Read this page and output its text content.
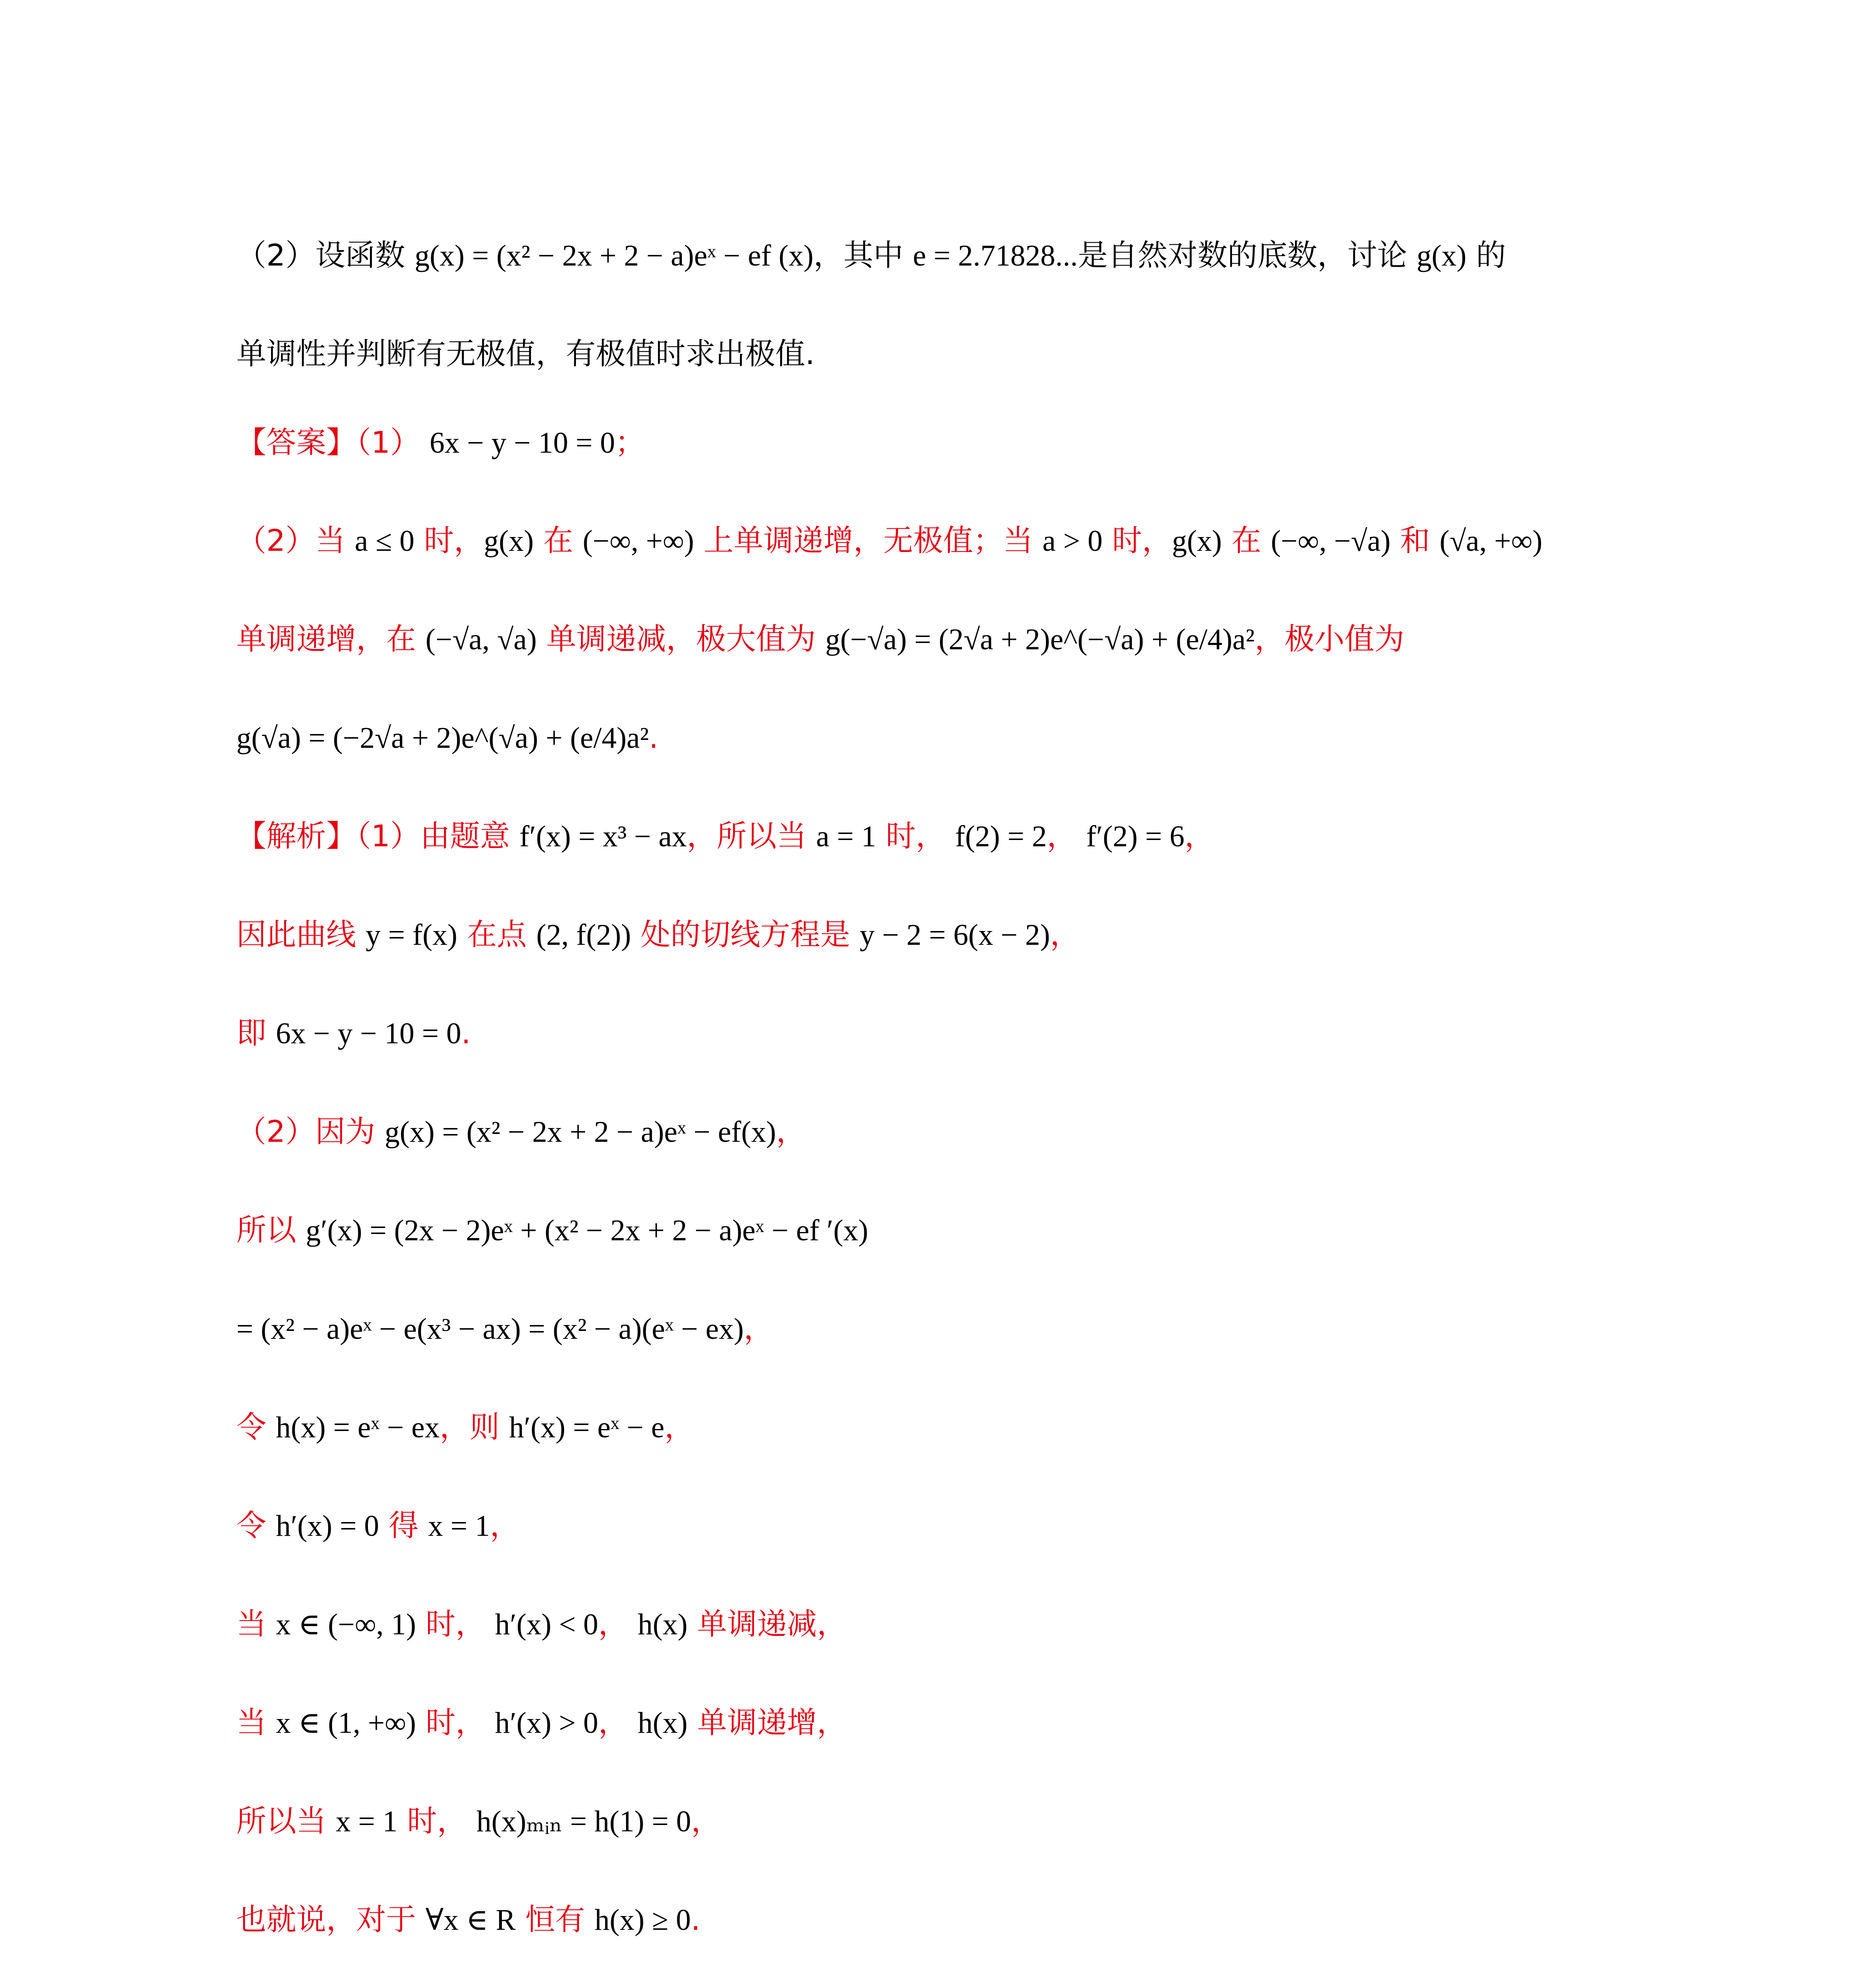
（2）设函数 g(x) = (x² − 2x + 2 − a)eˣ − ef (x)，其中 e = 2.71828...是自然对数的底数，讨论 g(x) 的
单调性并判断有无极值，有极值时求出极值.
【答案】（1） 6x − y − 10 = 0；
（2）当 a ≤ 0 时，g(x) 在 (−∞, +∞) 上单调递增，无极值；当 a > 0 时，g(x) 在 (−∞, −√a) 和 (√a, +∞)
单调递增，在 (−√a, √a) 单调递减，极大值为 g(−√a) = (2√a + 2)e^(−√a) + (e/4)a²，极小值为
g(√a) = (−2√a + 2)e^(√a) + (e/4)a².
【解析】（1）由题意 f′(x) = x³ − ax，所以当 a = 1 时， f(2) = 2， f′(2) = 6，
因此曲线 y = f(x) 在点 (2, f(2)) 处的切线方程是 y − 2 = 6(x − 2)，
即 6x − y − 10 = 0.
（2）因为 g(x) = (x² − 2x + 2 − a)eˣ − ef(x)，
所以 g′(x) = (2x − 2)eˣ + (x² − 2x + 2 − a)eˣ − ef ′(x)
= (x² − a)eˣ − e(x³ − ax) = (x² − a)(eˣ − ex)，
令 h(x) = eˣ − ex，则 h′(x) = eˣ − e，
令 h′(x) = 0 得 x = 1，
当 x ∈ (−∞, 1) 时， h′(x) < 0， h(x) 单调递减，
当 x ∈ (1, +∞) 时， h′(x) > 0， h(x) 单调递增，
所以当 x = 1 时， h(x)ₘᵢₙ = h(1) = 0，
也就说，对于 ∀x ∈ R 恒有 h(x) ≥ 0.
